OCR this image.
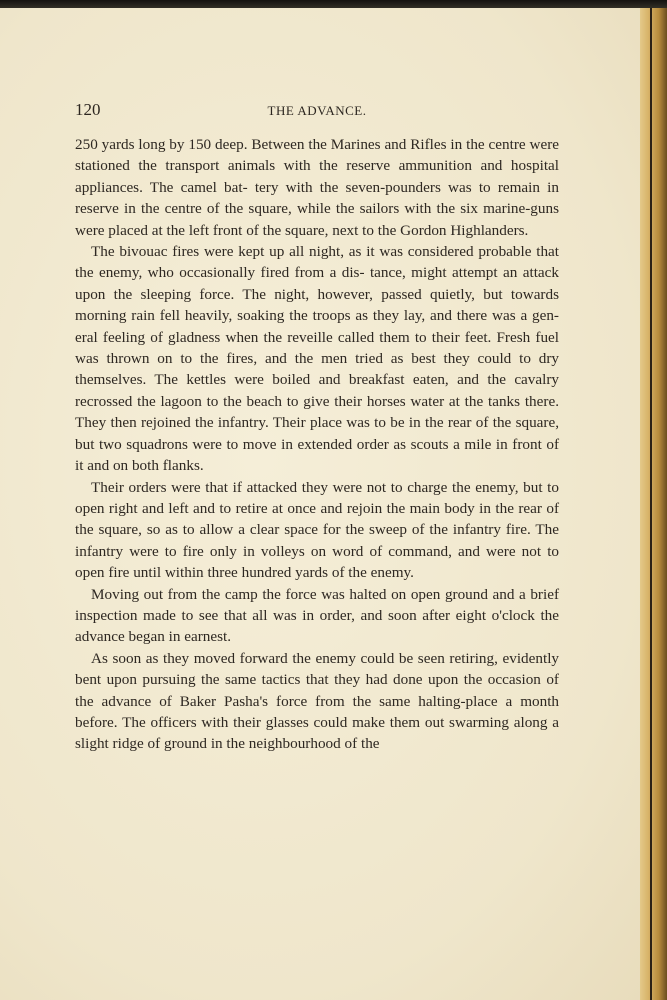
120	THE ADVANCE.

250 yards long by 150 deep. Between the Marines and Rifles in the centre were stationed the transport animals with the reserve ammunition and hospital appliances. The camel bat- tery with the seven-pounders was to remain in reserve in the centre of the square, while the sailors with the six marine-guns were placed at the left front of the square, next to the Gordon Highlanders.

The bivouac fires were kept up all night, as it was considered probable that the enemy, who occasionally fired from a dis- tance, might attempt an attack upon the sleeping force. The night, however, passed quietly, but towards morning rain fell heavily, soaking the troops as they lay, and there was a gen- eral feeling of gladness when the reveille called them to their feet. Fresh fuel was thrown on to the fires, and the men tried as best they could to dry themselves. The kettles were boiled and breakfast eaten, and the cavalry recrossed the lagoon to the beach to give their horses water at the tanks there. They then rejoined the infantry. Their place was to be in the rear of the square, but two squadrons were to move in extended order as scouts a mile in front of it and on both flanks.

Their orders were that if attacked they were not to charge the enemy, but to open right and left and to retire at once and rejoin the main body in the rear of the square, so as to allow a clear space for the sweep of the infantry fire. The infantry were to fire only in volleys on word of command, and were not to open fire until within three hundred yards of the enemy.

Moving out from the camp the force was halted on open ground and a brief inspection made to see that all was in order, and soon after eight o'clock the advance began in earnest.

As soon as they moved forward the enemy could be seen retiring, evidently bent upon pursuing the same tactics that they had done upon the occasion of the advance of Baker Pasha's force from the same halting-place a month before. The officers with their glasses could make them out swarming along a slight ridge of ground in the neighbourhood of the
